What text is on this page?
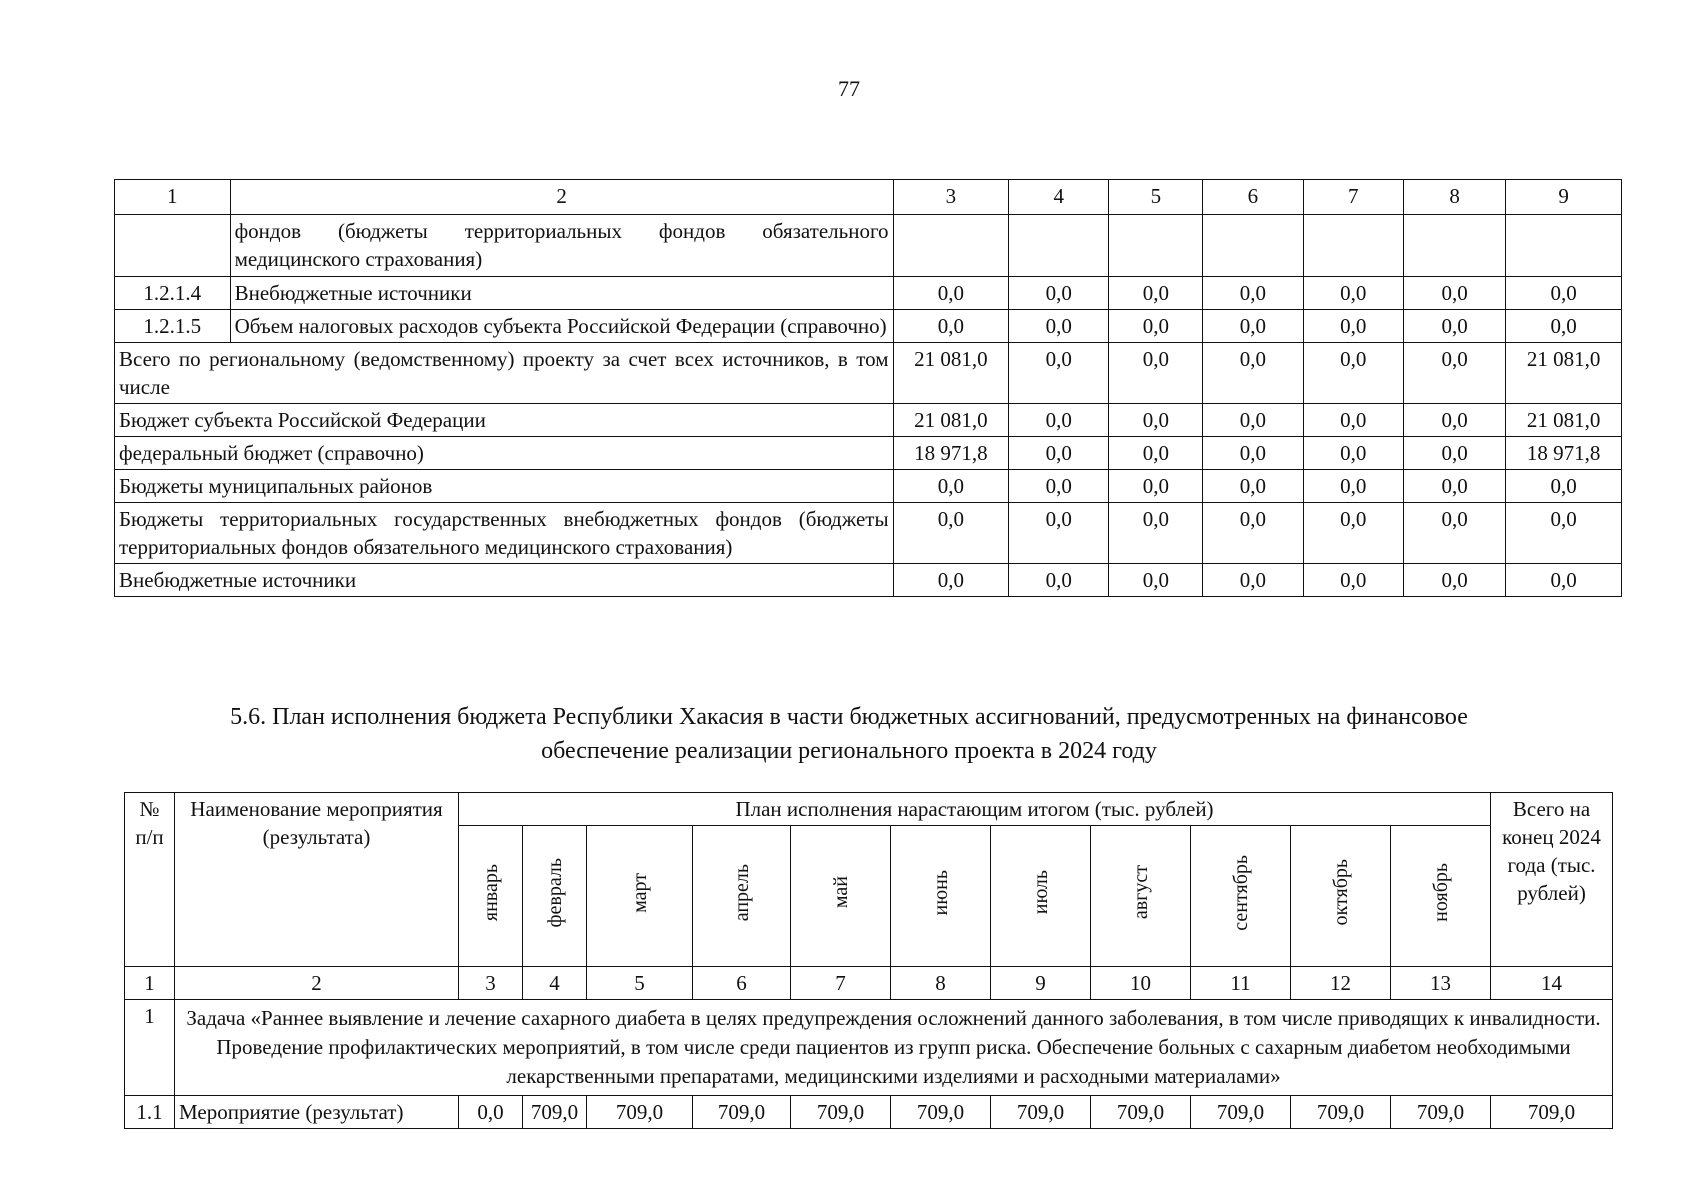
77
1	2	3	4	5	6	7	8	9
	фондов (бюджеты территориальных фондов обязательного медицинского страхования)							
1.2.1.4	Внебюджетные источники	0,0	0,0	0,0	0,0	0,0	0,0	0,0
1.2.1.5	Объем налоговых расходов субъекта Российской Федерации (справочно)	0,0	0,0	0,0	0,0	0,0	0,0	0,0
Всего по региональному (ведомственному) проекту за счет всех источников, в том числе		21 081,0	0,0	0,0	0,0	0,0	0,0	21 081,0
Бюджет субъекта Российской Федерации		21 081,0	0,0	0,0	0,0	0,0	0,0	21 081,0
федеральный бюджет (справочно)		18 971,8	0,0	0,0	0,0	0,0	0,0	18 971,8
Бюджеты муниципальных районов		0,0	0,0	0,0	0,0	0,0	0,0	0,0
Бюджеты территориальных государственных внебюджетных фондов (бюджеты территориальных фондов обязательного медицинского страхования)		0,0	0,0	0,0	0,0	0,0	0,0	0,0
Внебюджетные источники		0,0	0,0	0,0	0,0	0,0	0,0	0,0
5.6. План исполнения бюджета Республики Хакасия в части бюджетных ассигнований, предусмотренных на финансовое
обеспечение реализации регионального проекта в 2024 году
№ п/п	Наименование мероприятия (результата)	План исполнения нарастающим итогом (тыс. рублей)											Всего на конец 2024 года (тыс. рублей)
		январь	февраль	март	апрель	май	июнь	июль	август	сентябрь	октябрь	ноябрь	
1	2	3	4	5	6	7	8	9	10	11	12	13	14
1	Задача «Раннее выявление и лечение сахарного диабета в целях предупреждения осложнений данного заболевания, в том числе приводящих к инвалидности. Проведение профилактических мероприятий, в том числе среди пациентов из групп риска. Обеспечение больных с сахарным диабетом необходимыми лекарственными препаратами, медицинскими изделиями и расходными материалами»												
1.1	Мероприятие (результат)	0,0	709,0	709,0	709,0	709,0	709,0	709,0	709,0	709,0	709,0	709,0	709,0
